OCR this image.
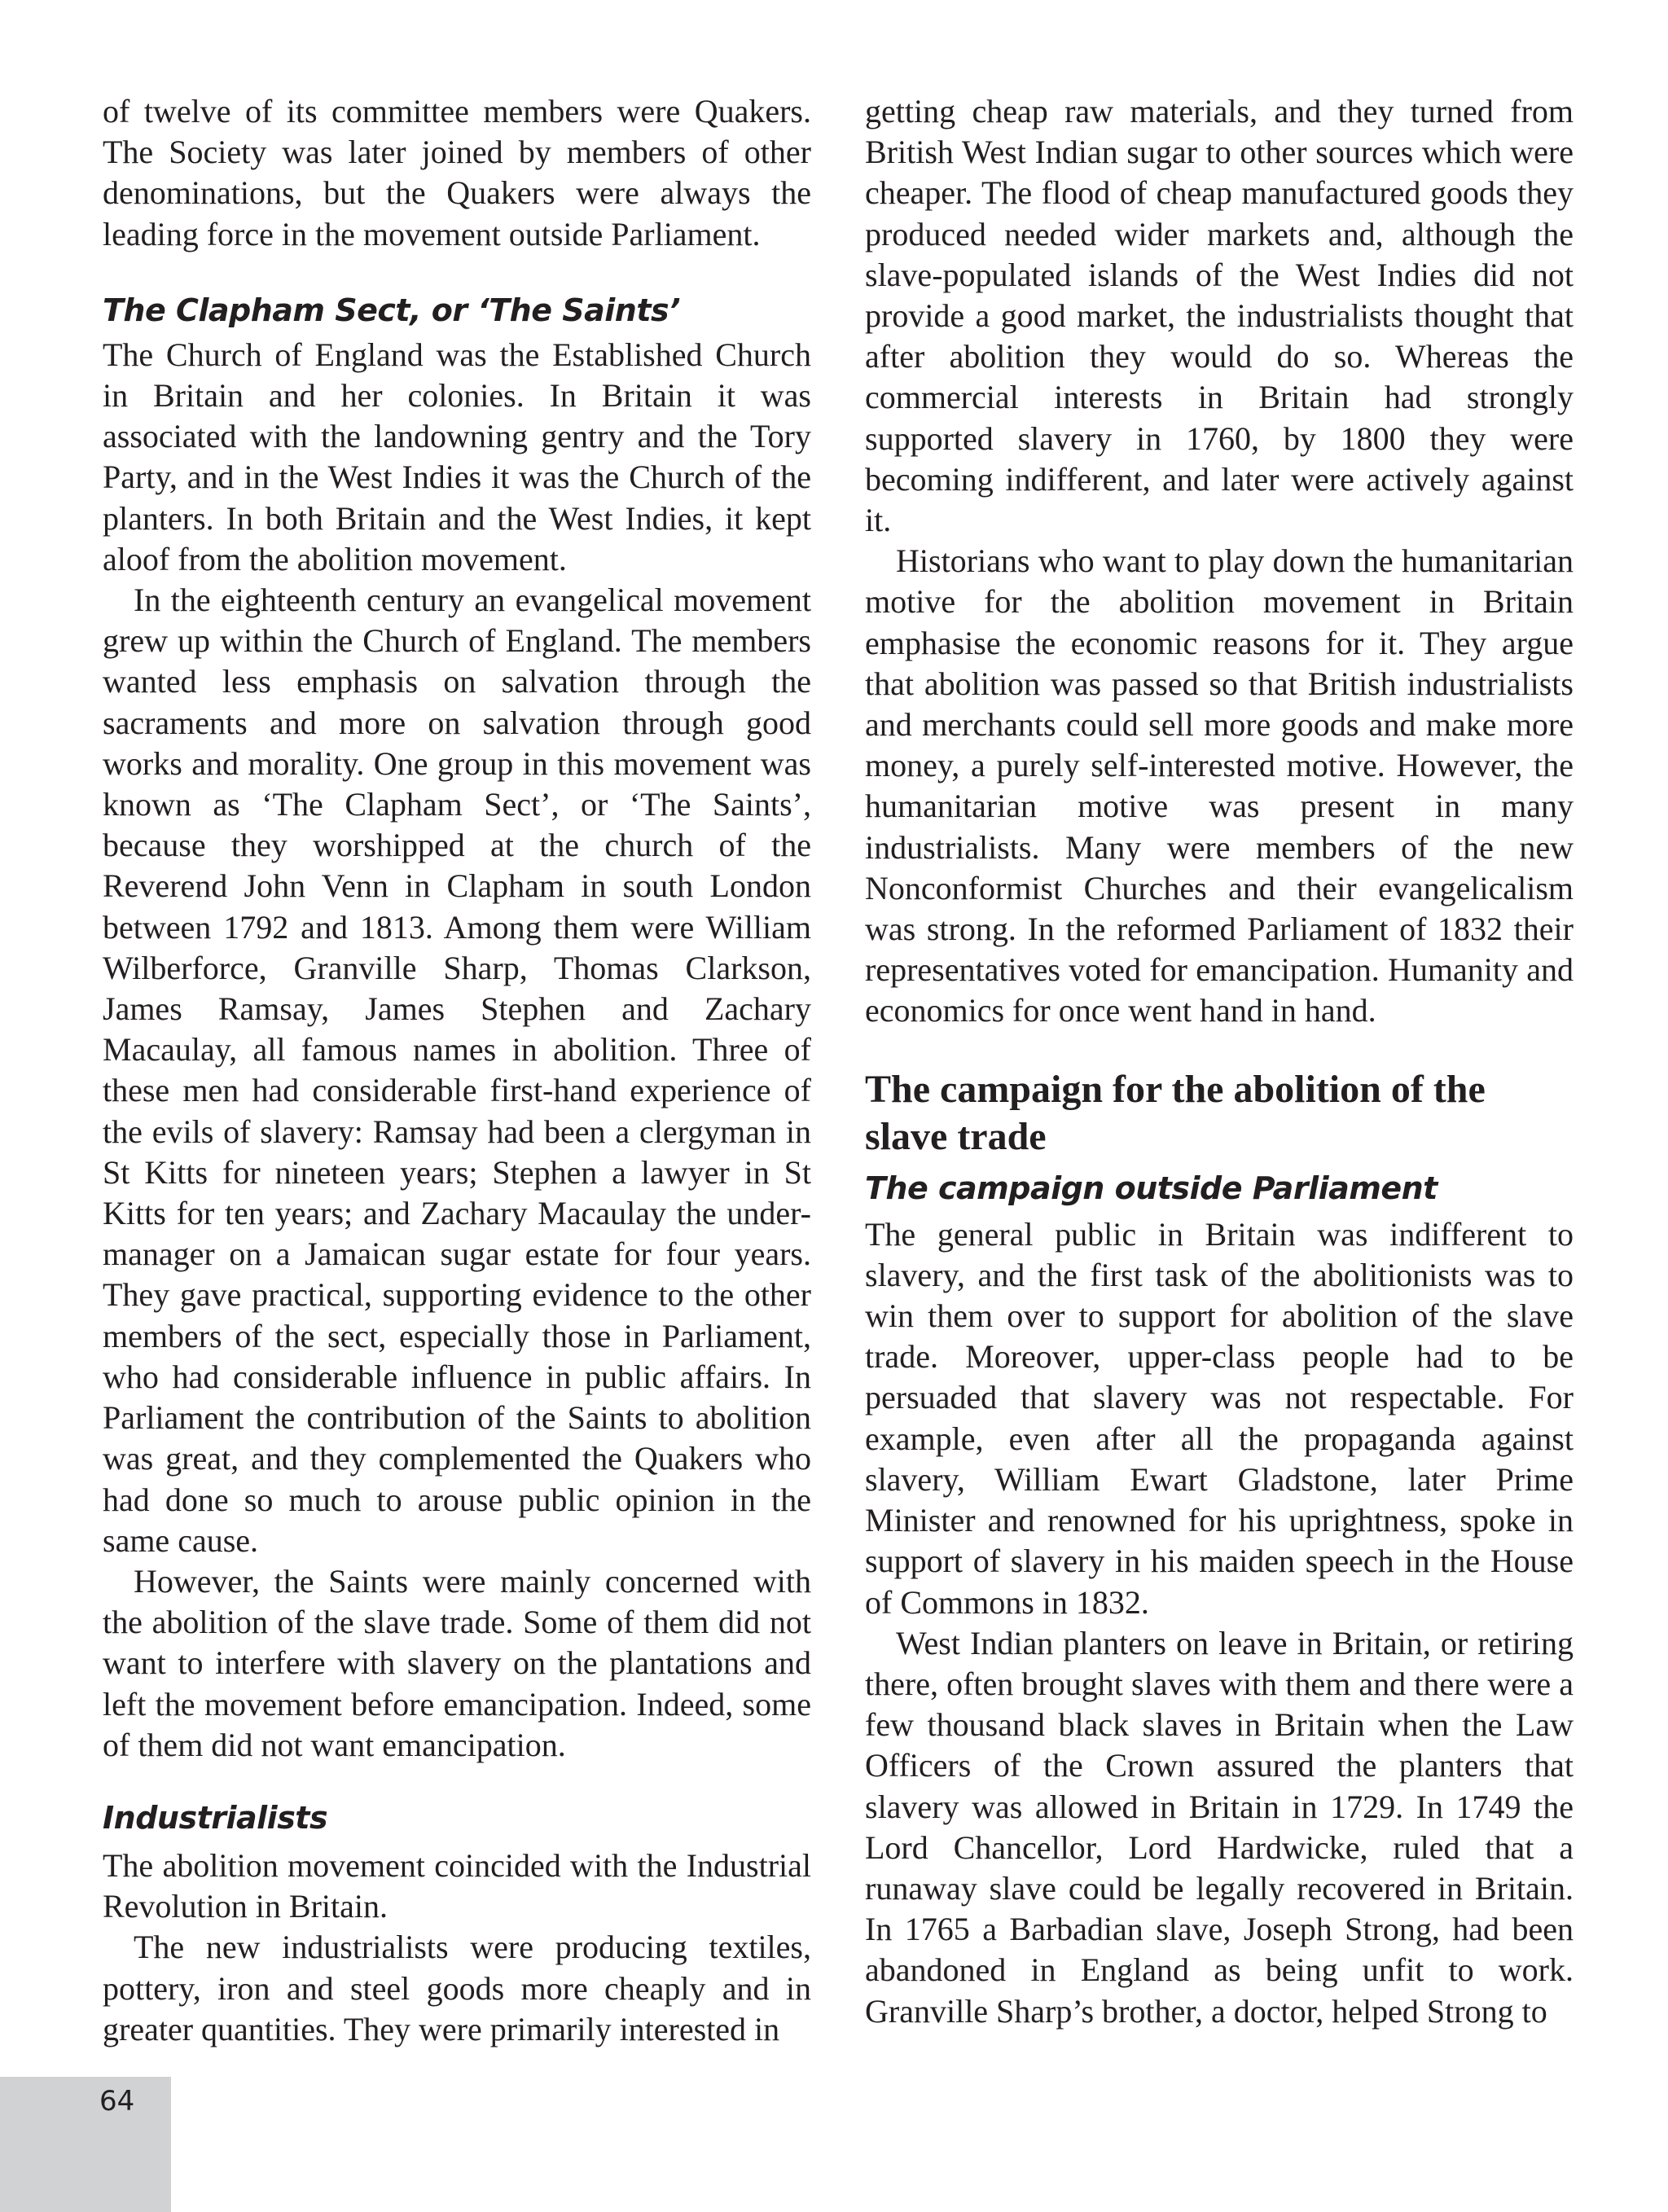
of twelve of its committee members were Quakers. The Society was later joined by members of other denominations, but the Quakers were always the leading force in the movement outside Parliament.

The Clapham Sect, or ‘The Saints’

The Church of England was the Established Church in Britain and her colonies. In Britain it was associated with the landowning gentry and the Tory Party, and in the West Indies it was the Church of the planters. In both Britain and the West Indies, it kept aloof from the abolition movement.

In the eighteenth century an evangelical movement grew up within the Church of England. The members wanted less emphasis on salvation through the sacraments and more on salvation through good works and morality. One group in this movement was known as ‘The Clapham Sect’, or ‘The Saints’, because they worshipped at the church of the Reverend John Venn in Clapham in south London between 1792 and 1813. Among them were William Wilberforce, Granville Sharp, Thomas Clarkson, James Ramsay, James Stephen and Zachary Macaulay, all famous names in abolition. Three of these men had considerable first-hand experience of the evils of slavery: Ramsay had been a clergyman in St Kitts for nineteen years; Stephen a lawyer in St Kitts for ten years; and Zachary Macaulay the under-manager on a Jamaican sugar estate for four years. They gave practical, supporting evidence to the other members of the sect, especially those in Parliament, who had considerable influence in public affairs. In Parliament the contribution of the Saints to abolition was great, and they complemented the Quakers who had done so much to arouse public opinion in the same cause.

However, the Saints were mainly concerned with the abolition of the slave trade. Some of them did not want to interfere with slavery on the plantations and left the movement before emancipation. Indeed, some of them did not want emancipation.

Industrialists

The abolition movement coincided with the Industrial Revolution in Britain.

The new industrialists were producing textiles, pottery, iron and steel goods more cheaply and in greater quantities. They were primarily interested in

getting cheap raw materials, and they turned from British West Indian sugar to other sources which were cheaper. The flood of cheap manufactured goods they produced needed wider markets and, although the slave-populated islands of the West Indies did not provide a good market, the industrialists thought that after abolition they would do so. Whereas the commercial interests in Britain had strongly supported slavery in 1760, by 1800 they were becoming indifferent, and later were actively against it.

Historians who want to play down the humanitarian motive for the abolition movement in Britain emphasise the economic reasons for it. They argue that abolition was passed so that British industrialists and merchants could sell more goods and make more money, a purely self-interested motive. However, the humanitarian motive was present in many industrialists. Many were members of the new Nonconformist Churches and their evangelicalism was strong. In the reformed Parliament of 1832 their representatives voted for emancipation. Humanity and economics for once went hand in hand.

The campaign for the abolition of the slave trade
The campaign outside Parliament

The general public in Britain was indifferent to slavery, and the first task of the abolitionists was to win them over to support for abolition of the slave trade. Moreover, upper-class people had to be persuaded that slavery was not respectable. For example, even after all the propaganda against slavery, William Ewart Gladstone, later Prime Minister and renowned for his uprightness, spoke in support of slavery in his maiden speech in the House of Commons in 1832.

West Indian planters on leave in Britain, or retiring there, often brought slaves with them and there were a few thousand black slaves in Britain when the Law Officers of the Crown assured the planters that slavery was allowed in Britain in 1729. In 1749 the Lord Chancellor, Lord Hardwicke, ruled that a runaway slave could be legally recovered in Britain. In 1765 a Barbadian slave, Joseph Strong, had been abandoned in England as being unfit to work. Granville Sharp’s brother, a doctor, helped Strong to

64
